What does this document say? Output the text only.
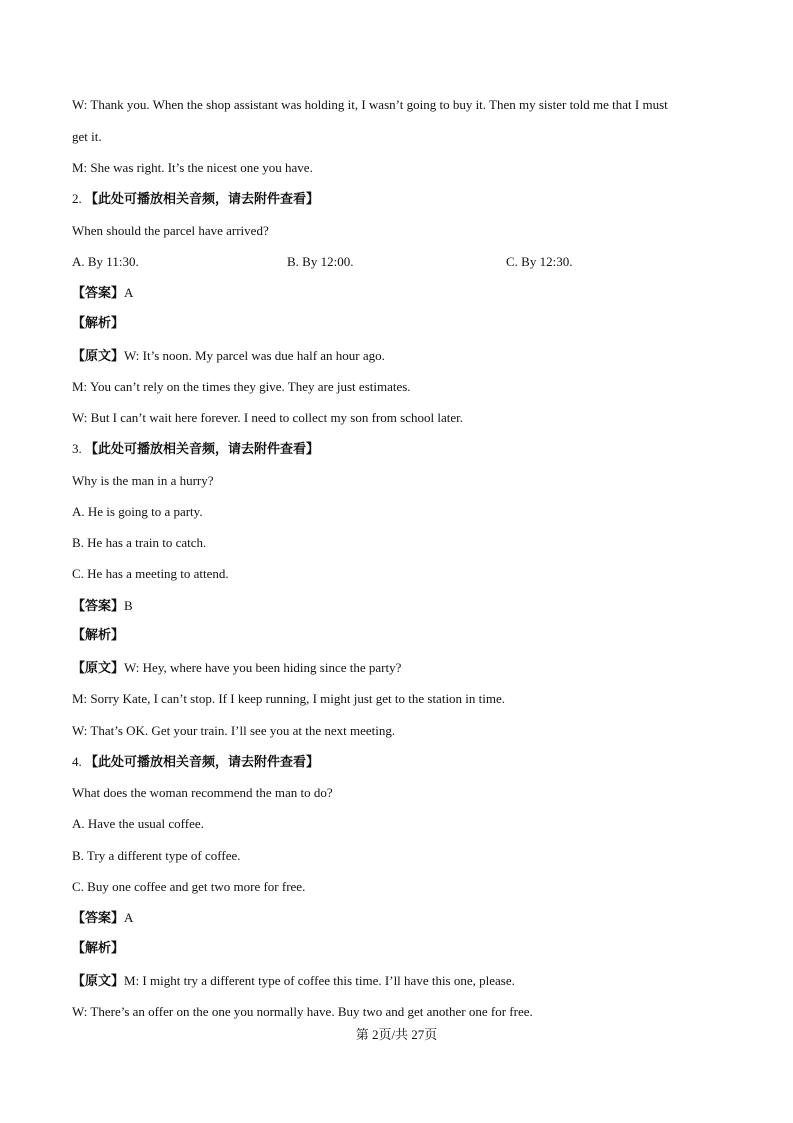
W: Thank you. When the shop assistant was holding it, I wasn’t going to buy it. Then my sister told me that I must
get it.
M: She was right. It’s the nicest one you have.
2. 【此处可播放相关音频，请去附件查看】
When should the parcel have arrived?
A. By 11:30.	B. By 12:00.	C. By 12:30.
【答案】A
【解析】
【原文】W: It’s noon. My parcel was due half an hour ago.
M: You can’t rely on the times they give. They are just estimates.
W: But I can’t wait here forever. I need to collect my son from school later.
3. 【此处可播放相关音频，请去附件查看】
Why is the man in a hurry?
A. He is going to a party.
B. He has a train to catch.
C. He has a meeting to attend.
【答案】B
【解析】
【原文】W: Hey, where have you been hiding since the party?
M: Sorry Kate, I can’t stop. If I keep running, I might just get to the station in time.
W: That’s OK. Get your train. I’ll see you at the next meeting.
4. 【此处可播放相关音频，请去附件查看】
What does the woman recommend the man to do?
A. Have the usual coffee.
B. Try a different type of coffee.
C. Buy one coffee and get two more for free.
【答案】A
【解析】
【原文】M: I might try a different type of coffee this time. I’ll have this one, please.
W: There’s an offer on the one you normally have. Buy two and get another one for free.
第 2页/共 27页
